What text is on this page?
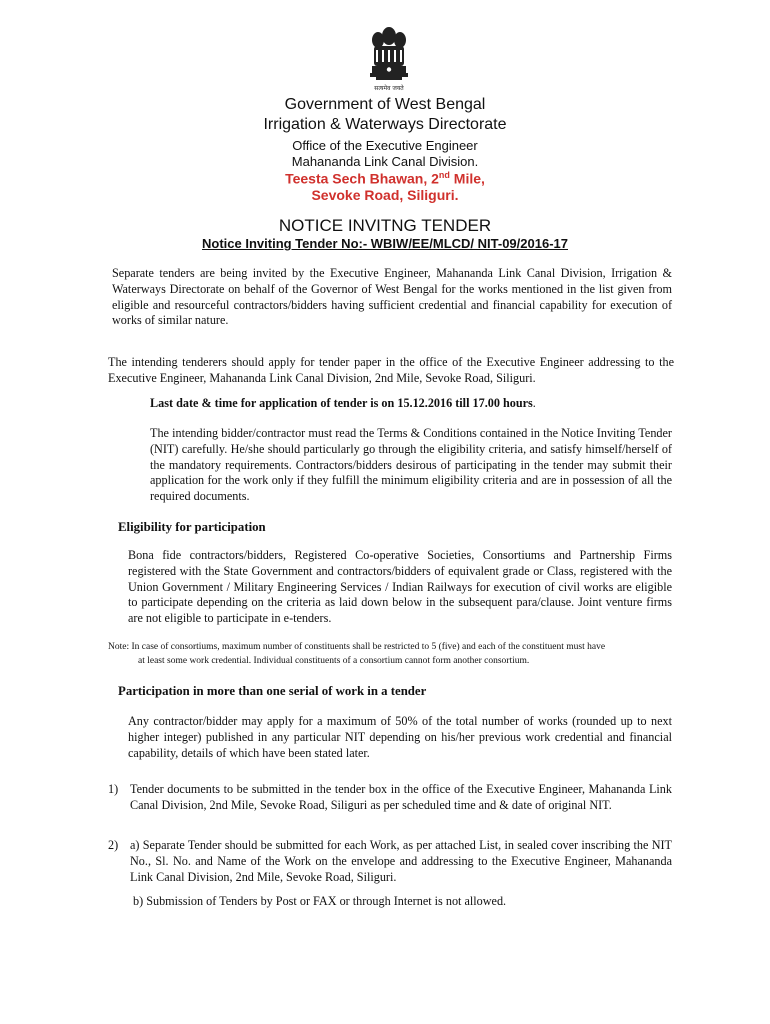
सत्यमेव जयते
Government of West Bengal
Irrigation & Waterways Directorate
Office of the Executive Engineer
Mahananda Link Canal Division.
Teesta Sech Bhawan, 2nd Mile,
Sevoke Road, Siliguri.
NOTICE INVITNG TENDER
Notice Inviting Tender No:- WBIW/EE/MLCD/ NIT-09/2016-17
Separate tenders are being invited by the Executive Engineer, Mahananda Link Canal Division, Irrigation & Waterways Directorate on behalf of the Governor of West Bengal for the works mentioned in the list given from eligible and resourceful contractors/bidders having sufficient credential and financial capability for execution of works of similar nature.
The intending tenderers should apply for tender paper in the office of the Executive Engineer addressing to the Executive Engineer, Mahananda Link Canal Division, 2nd Mile, Sevoke Road, Siliguri.
Last date & time for application of tender is on 15.12.2016 till 17.00 hours.
The intending bidder/contractor must read the Terms & Conditions contained in the Notice Inviting Tender (NIT) carefully. He/she should particularly go through the eligibility criteria, and satisfy himself/herself of the mandatory requirements. Contractors/bidders desirous of participating in the tender may submit their application for the work only if they fulfill the minimum eligibility criteria and are in possession of all the required documents.
Eligibility for participation
Bona fide contractors/bidders, Registered Co-operative Societies, Consortiums and Partnership Firms registered with the State Government and contractors/bidders of equivalent grade or Class, registered with the Union Government / Military Engineering Services / Indian Railways for execution of civil works are eligible to participate depending on the criteria as laid down below in the subsequent para/clause. Joint venture firms are not eligible to participate in e-tenders.
Note: In case of consortiums, maximum number of constituents shall be restricted to 5 (five) and each of the constituent must have
at least some work credential. Individual constituents of a consortium cannot form another consortium.
Participation in more than one serial of work in a tender
Any contractor/bidder may apply for a maximum of 50% of the total number of works (rounded up to next higher integer) published in any particular NIT depending on his/her previous work credential and financial capability, details of which have been stated later.
1) Tender documents to be submitted in the tender box in the office of the Executive Engineer, Mahananda Link Canal Division, 2nd Mile, Sevoke Road, Siliguri as per scheduled time and & date of original NIT.
2) a) Separate Tender should be submitted for each Work, as per attached List, in sealed cover inscribing the NIT No., Sl. No. and Name of the Work on the envelope and addressing to the Executive Engineer, Mahananda Link Canal Division, 2nd Mile, Sevoke Road, Siliguri.
b) Submission of Tenders by Post or FAX or through Internet is not allowed.
